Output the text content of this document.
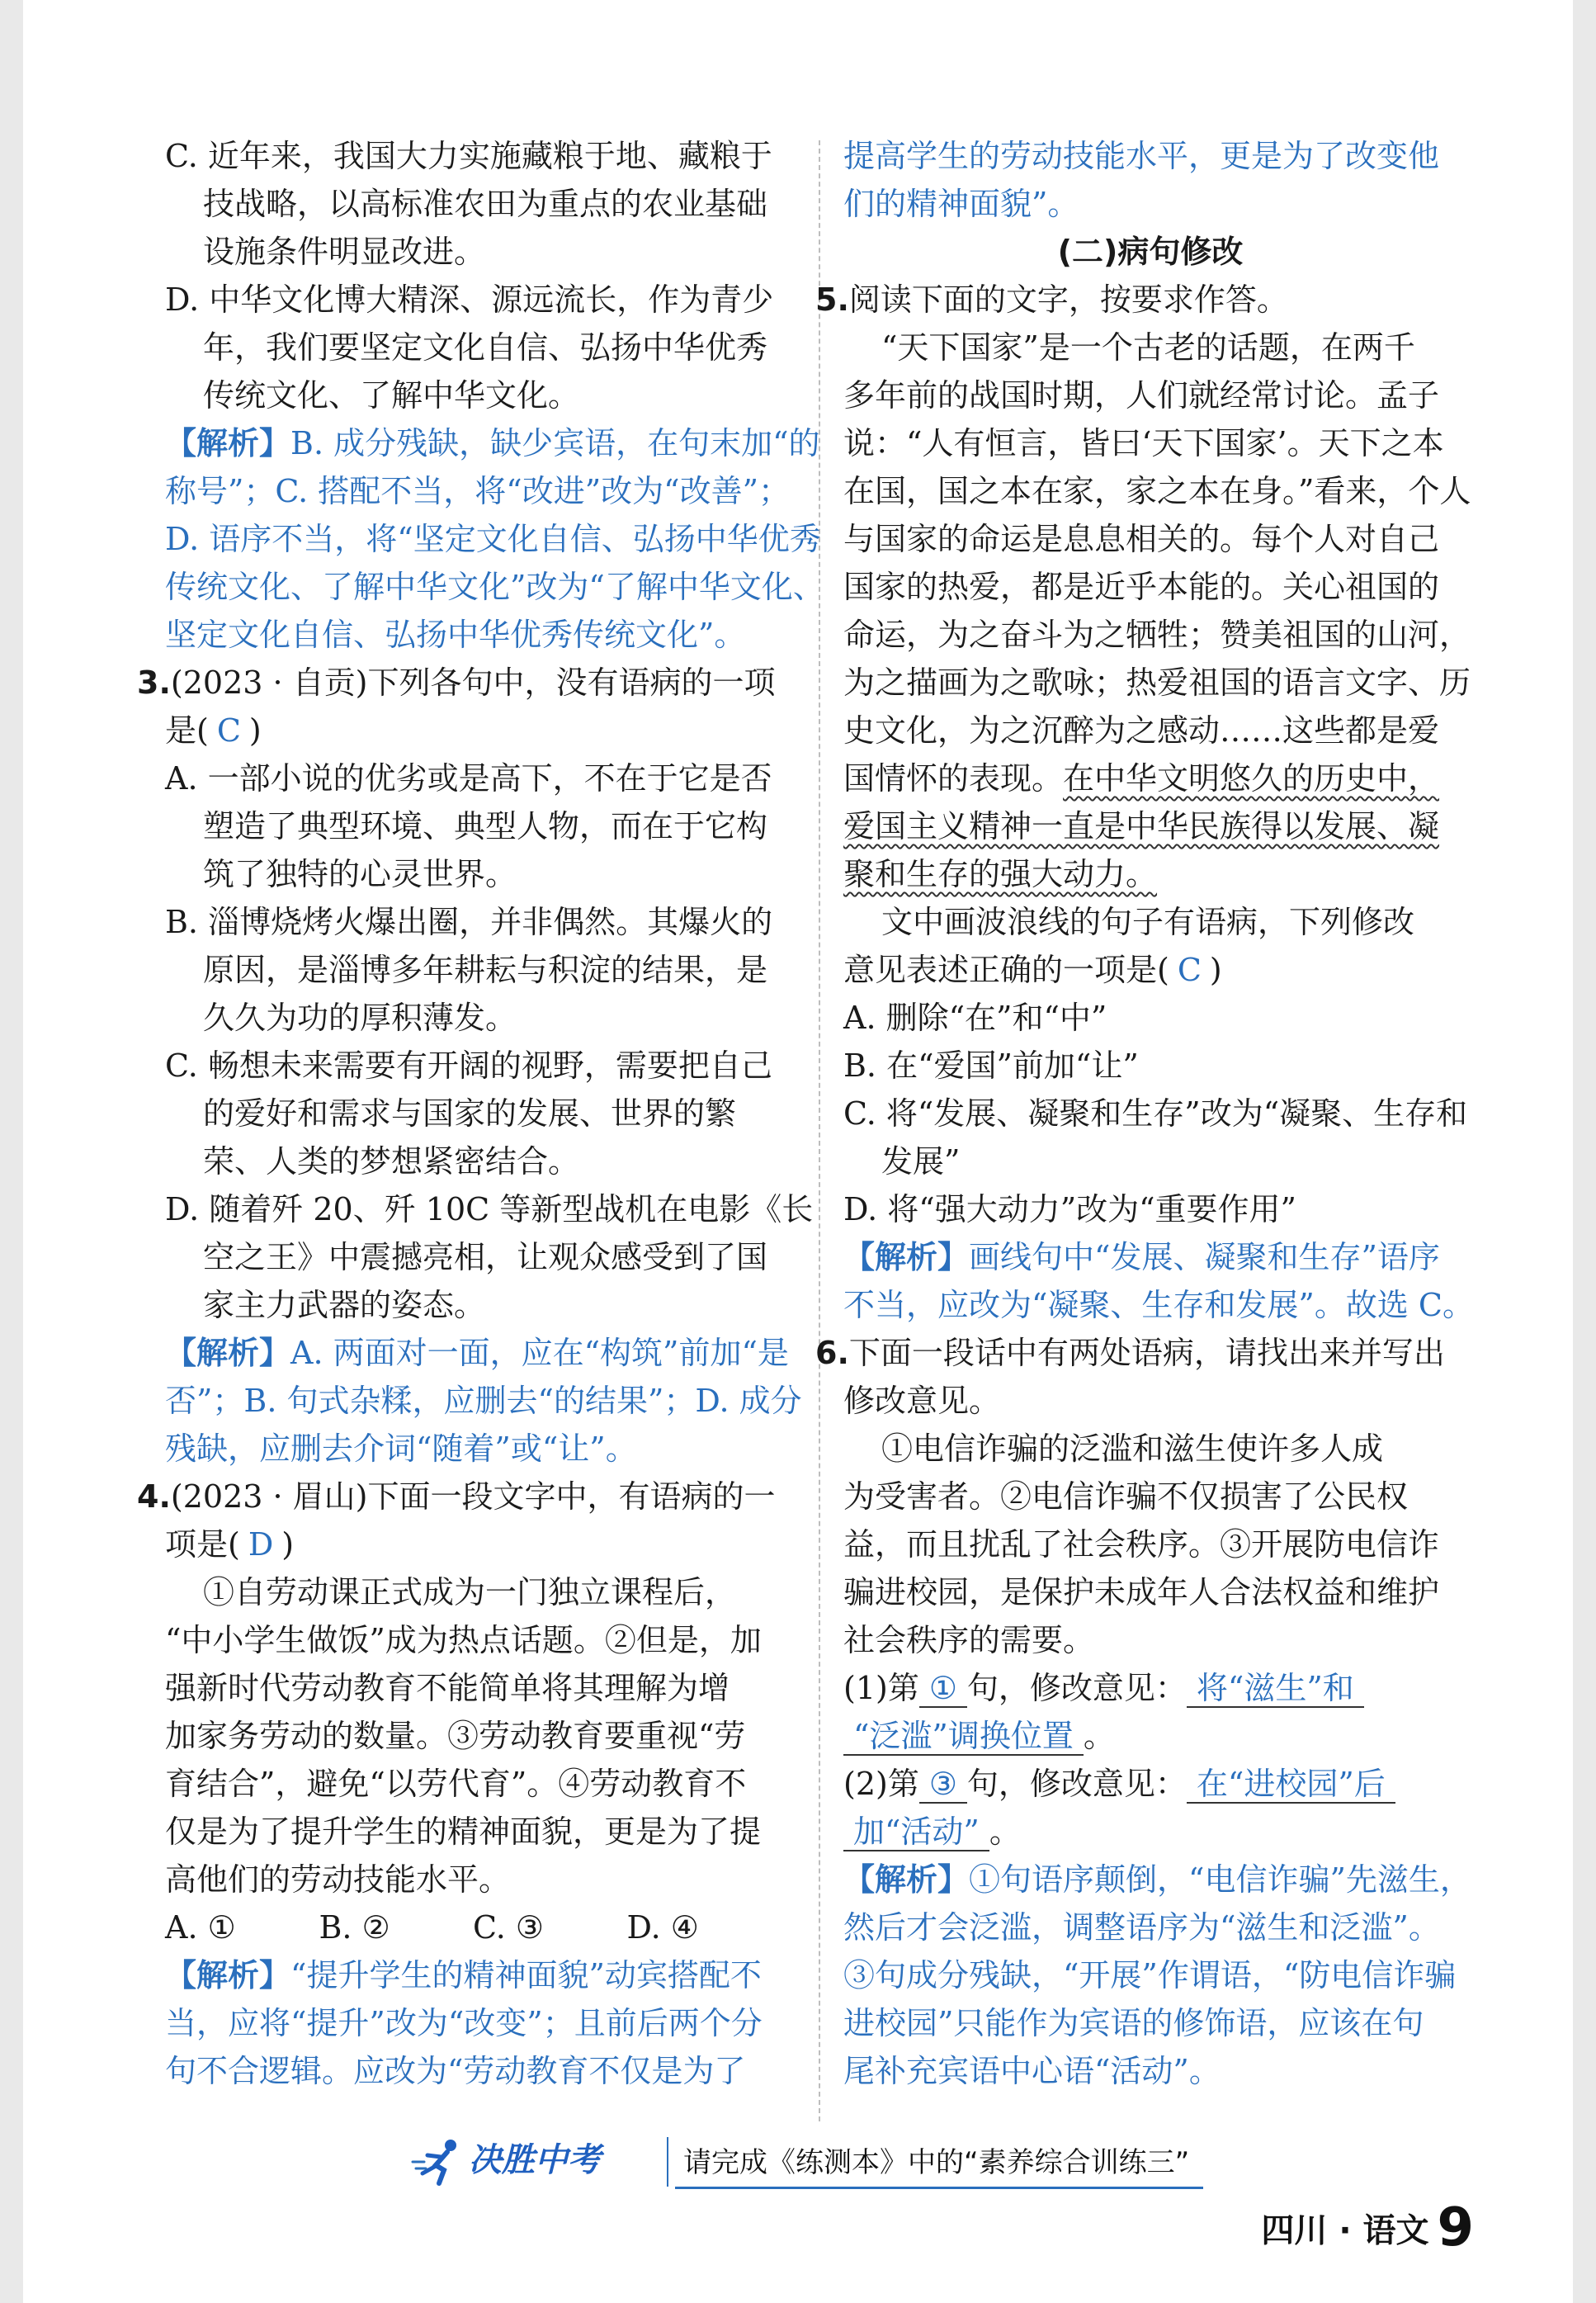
C. 近年来，我国大力实施藏粮于地、藏粮于

技战略，以高标准农田为重点的农业基础

设施条件明显改进。

D. 中华文化博大精深、源远流长，作为青少

年，我们要坚定文化自信、弘扬中华优秀

传统文化、了解中华文化。

【解析】B. 成分残缺，缺少宾语，在句末加“的

称号”；C. 搭配不当，将“改进”改为“改善”；

D. 语序不当，将“坚定文化自信、弘扬中华优秀

传统文化、了解中华文化”改为“了解中华文化、

坚定文化自信、弘扬中华优秀传统文化”。

3.(2023 · 自贡)下列各句中，没有语病的一项

是( C )

A. 一部小说的优劣或是高下，不在于它是否

塑造了典型环境、典型人物，而在于它构

筑了独特的心灵世界。

B. 淄博烧烤火爆出圈，并非偶然。其爆火的

原因，是淄博多年耕耘与积淀的结果，是

久久为功的厚积薄发。

C. 畅想未来需要有开阔的视野，需要把自己

的爱好和需求与国家的发展、世界的繁

荣、人类的梦想紧密结合。

D. 随着歼 20、歼 10C 等新型战机在电影《长

空之王》中震撼亮相，让观众感受到了国

家主力武器的姿态。

【解析】A. 两面对一面，应在“构筑”前加“是

否”；B. 句式杂糅，应删去“的结果”；D. 成分

残缺，应删去介词“随着”或“让”。

4.(2023 · 眉山)下面一段文字中，有语病的一

项是( D )

①自劳动课正式成为一门独立课程后，

“中小学生做饭”成为热点话题。②但是，加

强新时代劳动教育不能简单将其理解为增

加家务劳动的数量。③劳动教育要重视“劳

育结合”，避免“以劳代育”。④劳动教育不

仅是为了提升学生的精神面貌，更是为了提

高他们的劳动技能水平。

A. ①	B. ②	C. ③	D. ④

【解析】“提升学生的精神面貌”动宾搭配不

当，应将“提升”改为“改变”；且前后两个分

句不合逻辑。应改为“劳动教育不仅是为了

提高学生的劳动技能水平，更是为了改变他

们的精神面貌”。

(二)病句修改

5.阅读下面的文字，按要求作答。

“天下国家”是一个古老的话题，在两千

多年前的战国时期，人们就经常讨论。孟子

说：“人有恒言，皆曰‘天下国家’。天下之本

在国，国之本在家，家之本在身。”看来，个人

与国家的命运是息息相关的。每个人对自己

国家的热爱，都是近乎本能的。关心祖国的

命运，为之奋斗为之牺牲；赞美祖国的山河，

为之描画为之歌咏；热爱祖国的语言文字、历

史文化，为之沉醉为之感动……这些都是爱

国情怀的表现。在中华文明悠久的历史中，

爱国主义精神一直是中华民族得以发展、凝

聚和生存的强大动力。

文中画波浪线的句子有语病，下列修改

意见表述正确的一项是( C )

A. 删除“在”和“中”

B. 在“爱国”前加“让”

C. 将“发展、凝聚和生存”改为“凝聚、生存和

发展”

D. 将“强大动力”改为“重要作用”

【解析】画线句中“发展、凝聚和生存”语序

不当，应改为“凝聚、生存和发展”。故选 C。

6.下面一段话中有两处语病，请找出来并写出

修改意见。

①电信诈骗的泛滥和滋生使许多人成

为受害者。②电信诈骗不仅损害了公民权

益，而且扰乱了社会秩序。③开展防电信诈

骗进校园，是保护未成年人合法权益和维护

社会秩序的需要。

(1)第 ① 句，修改意见： 将“滋生”和

“泛滥”调换位置 。

(2)第 ③ 句，修改意见： 在“进校园”后

加“活动” 。

【解析】①句语序颠倒，“电信诈骗”先滋生，

然后才会泛滥，调整语序为“滋生和泛滥”。

③句成分残缺，“开展”作谓语，“防电信诈骗

进校园”只能作为宾语的修饰语，应该在句

尾补充宾语中心语“活动”。

决胜中考	请完成《练测本》中的“素养综合训练三”
四川 · 语文 9
